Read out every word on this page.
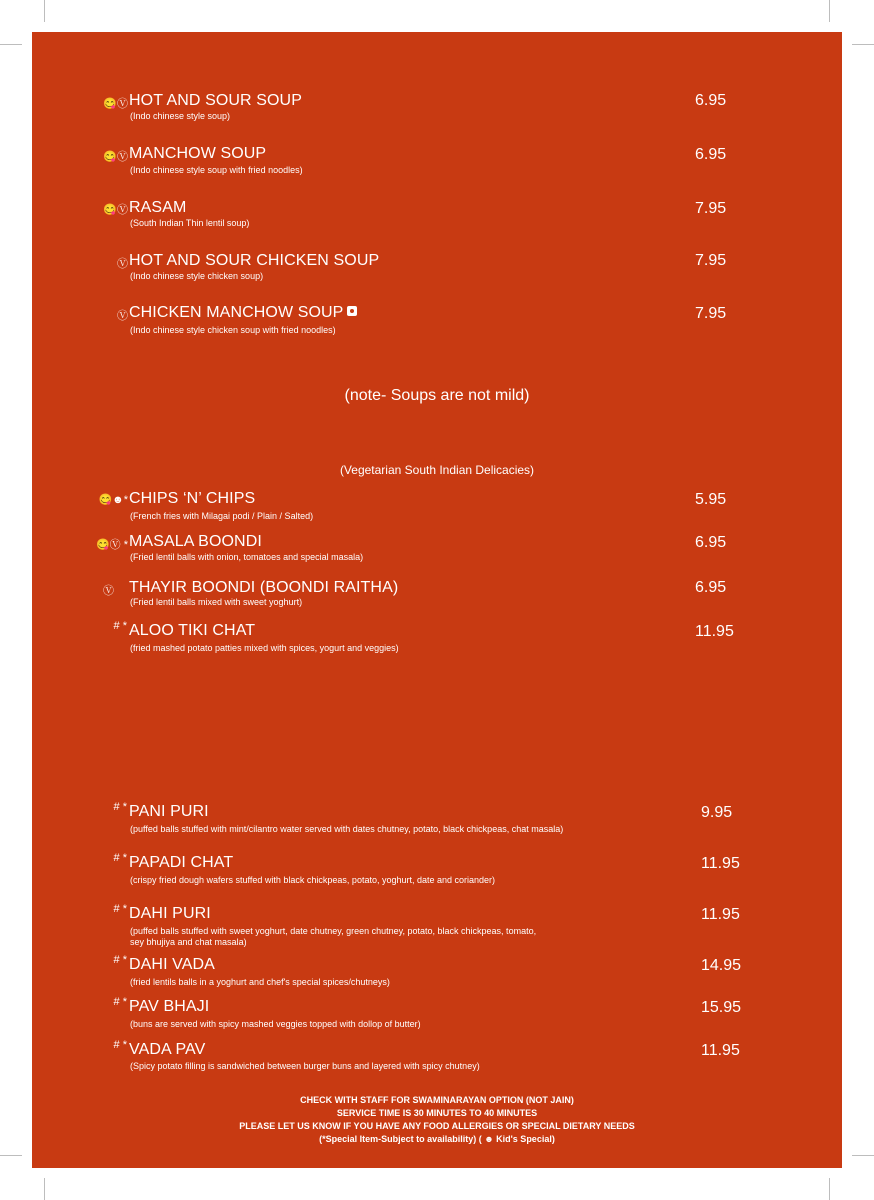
😋Ⓥ HOT AND SOUR SOUP
(Indo chinese style soup)
6.95
😋Ⓥ MANCHOW SOUP
(Indo chinese style soup with fried noodles)
6.95
😋Ⓥ RASAM
(South Indian Thin lentil soup)
7.95
Ⓥ HOT AND SOUR CHICKEN SOUP
(Indo chinese style chicken soup)
7.95
Ⓥ CHICKEN MANCHOW SOUP
(Indo chinese style chicken soup with fried noodles)
7.95
(note- Soups are not mild)
(Vegetarian South Indian Delicacies)
😋☻* CHIPS ‘N’ CHIPS
(French fries with Milagai podi / Plain / Salted)
5.95
😋Ⓥ * MASALA BOONDI
(Fried lentil balls with onion, tomatoes and special masala)
6.95
Ⓥ THAYIR BOONDI (BOONDI RAITHA)
(Fried lentil balls mixed with sweet yoghurt)
6.95
# * ALOO TIKI CHAT
(fried mashed potato patties mixed with spices, yogurt and veggies)
11.95
# * PANI PURI
(puffed balls stuffed with mint/cilantro water served with dates chutney, potato, black chickpeas, chat masala)
9.95
# * PAPADI CHAT
(crispy fried dough wafers stuffed with black chickpeas, potato, yoghurt, date and coriander)
11.95
# * DAHI PURI
(puffed balls stuffed with sweet yoghurt, date chutney, green chutney, potato, black chickpeas, tomato,
sey bhujiya and chat masala)
11.95
# * DAHI VADA
(fried lentils balls in a yoghurt and chef's special spices/chutneys)
14.95
# * PAV BHAJI
(buns are served with spicy mashed veggies topped with dollop of butter)
15.95
# * VADA PAV
(Spicy potato filling is sandwiched between burger buns and layered with spicy chutney)
11.95
CHECK WITH STAFF FOR SWAMINARAYAN OPTION (NOT JAIN)
SERVICE TIME IS 30 MINUTES TO 40 MINUTES
PLEASE LET US KNOW IF YOU HAVE ANY FOOD ALLERGIES OR SPECIAL DIETARY NEEDS
(*Special Item-Subject to availability) ( ☻ Kid's Special)
